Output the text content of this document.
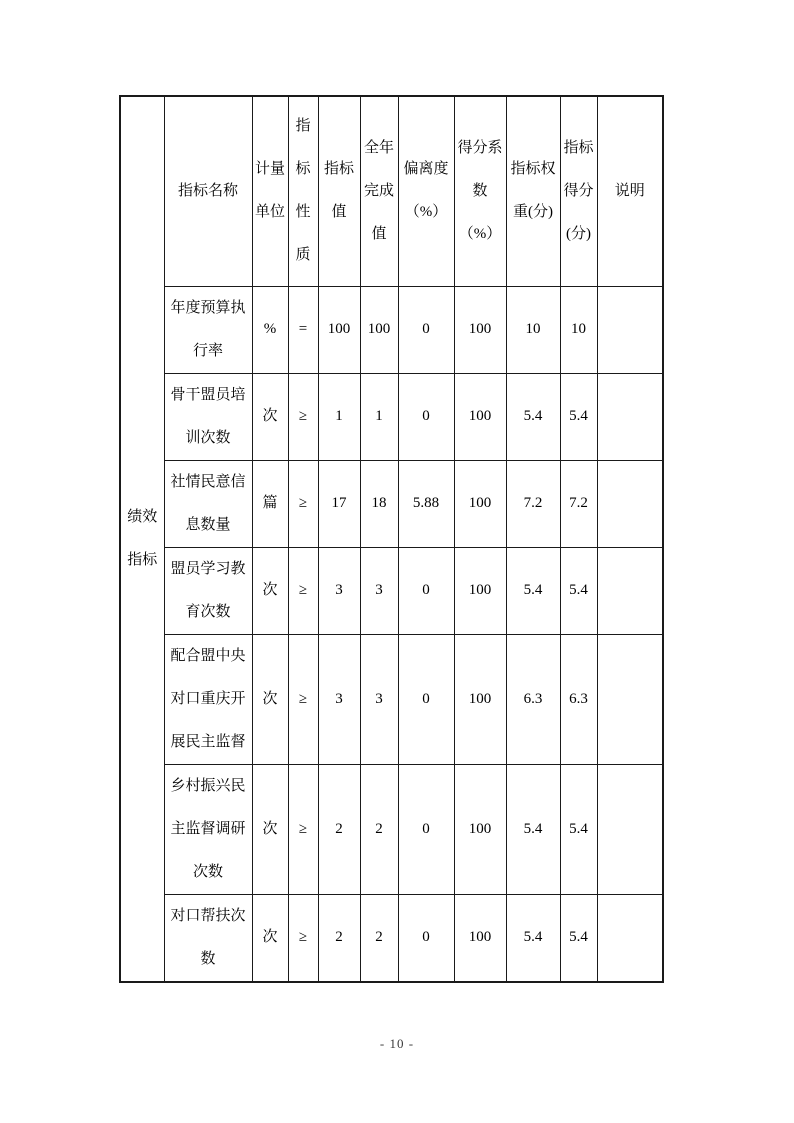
绩效指标	指标名称	计量单位	指标性质	指标值	全年完成值	偏离度（%）	得分系数（%）	指标权重(分)	指标得分(分)	说明
	年度预算执行率	%	=	100	100	0	100	10	10	
	骨干盟员培训次数	次	≥	1	1	0	100	5.4	5.4	
	社情民意信息数量	篇	≥	17	18	5.88	100	7.2	7.2	
	盟员学习教育次数	次	≥	3	3	0	100	5.4	5.4	
	配合盟中央对口重庆开展民主监督	次	≥	3	3	0	100	6.3	6.3	
	乡村振兴民主监督调研次数	次	≥	2	2	0	100	5.4	5.4	
	对口帮扶次数	次	≥	2	2	0	100	5.4	5.4	
- 10 -
